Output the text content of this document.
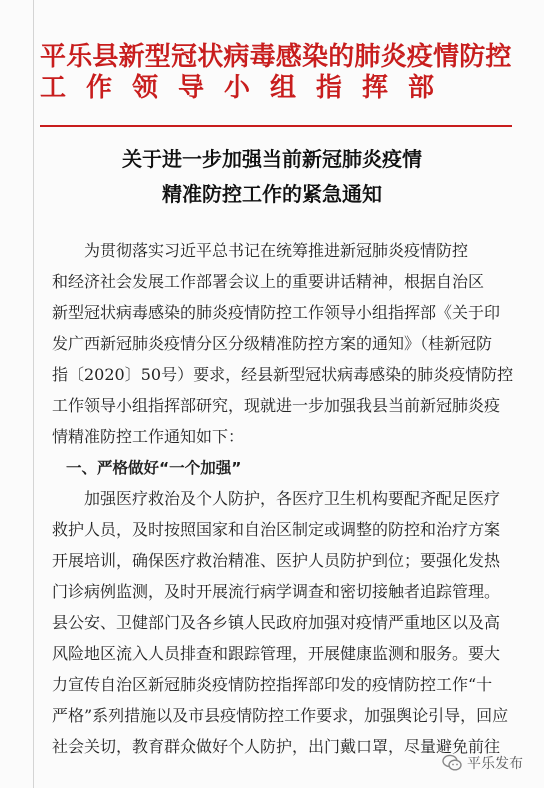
平乐县新型冠状病毒感染的肺炎疫情防控

工作领导小组指挥部

关于进一步加强当前新冠肺炎疫情

精准防控工作的紧急通知

为贯彻落实习近平总书记在统筹推进新冠肺炎疫情防控

和经济社会发展工作部署会议上的重要讲话精神，根据自治区

新型冠状病毒感染的肺炎疫情防控工作领导小组指挥部《关于印

发广西新冠肺炎疫情分区分级精准防控方案的通知》（桂新冠防

指〔2020〕50号）要求，经县新型冠状病毒感染的肺炎疫情防控

工作领导小组指挥部研究，现就进一步加强我县当前新冠肺炎疫

情精准防控工作通知如下：

一、严格做好“一个加强”

加强医疗救治及个人防护，各医疗卫生机构要配齐配足医疗

救护人员，及时按照国家和自治区制定或调整的防控和治疗方案

开展培训，确保医疗救治精准、医护人员防护到位；要强化发热

门诊病例监测，及时开展流行病学调查和密切接触者追踪管理。

县公安、卫健部门及各乡镇人民政府加强对疫情严重地区以及高

风险地区流入人员排查和跟踪管理，开展健康监测和服务。要大

力宣传自治区新冠肺炎疫情防控指挥部印发的疫情防控工作“十

严格”系列措施以及市县疫情防控工作要求，加强舆论引导，回应

社会关切，教育群众做好个人防护，出门戴口罩，尽量避免前往

平乐发布
